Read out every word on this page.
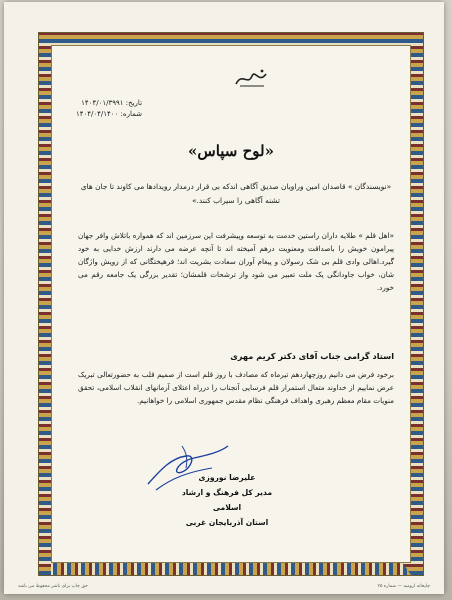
تاریخ: ۱۴۰۴/۰۱/۳۹۹۱
شماره: ۱۴۰۴/۰۴/۱۴۰۰
«لوح سپاس»
«نویسندگان » قاصدان امین وراویان صدیق آگاهی اندکه بی قرار درمدار رویدادها می کاوند تا جان های تشنه آگاهی را سیراب کنند.»
«اهل قلم » طلایه داران راستین خدمت به توسعه وپیشرفت این سرزمین اند که همواره باتلاش وافر جهان پیرامون خویش را باصداقت ومعنویت درهم آمیخته اند تا آنچه عرضه می دارند ارزش خدایی به خود گیرد.اهالی وادی قلم بی شک رسولان و پیغام آوران سعادت بشریت اند؛ فرهیختگانی که از رویش واژگان شان، خواب جاودانگی یک ملت تعبیر می شود واز ترشحات قلمشان؛ تقدیر بزرگی یک جامعه رقم می خورد.
استاد گرامی جناب آقای دکتر کریم مهری
برخود فرض می دانیم روزچهاردهم تیرماه که مصادف با روز قلم است از صمیم قلب به حضورتعالی تبریک عرض نماییم از خداوند متعال استمرار قلم فرسایی آنجناب را درراه اعتلای آرمانهای انقلاب اسلامی، تحقق منویات مقام معظم رهبری واهداف فرهنگی نظام مقدس جمهوری اسلامی را خواهانیم.
علیرضا نوروزی
مدیر کل فرهنگ و ارشاد اسلامی
استان آذربایجان غربی
حق چاپ برای ناشر محفوظ می باشد	چاپخانه ارومیه — شماره ۲۵
